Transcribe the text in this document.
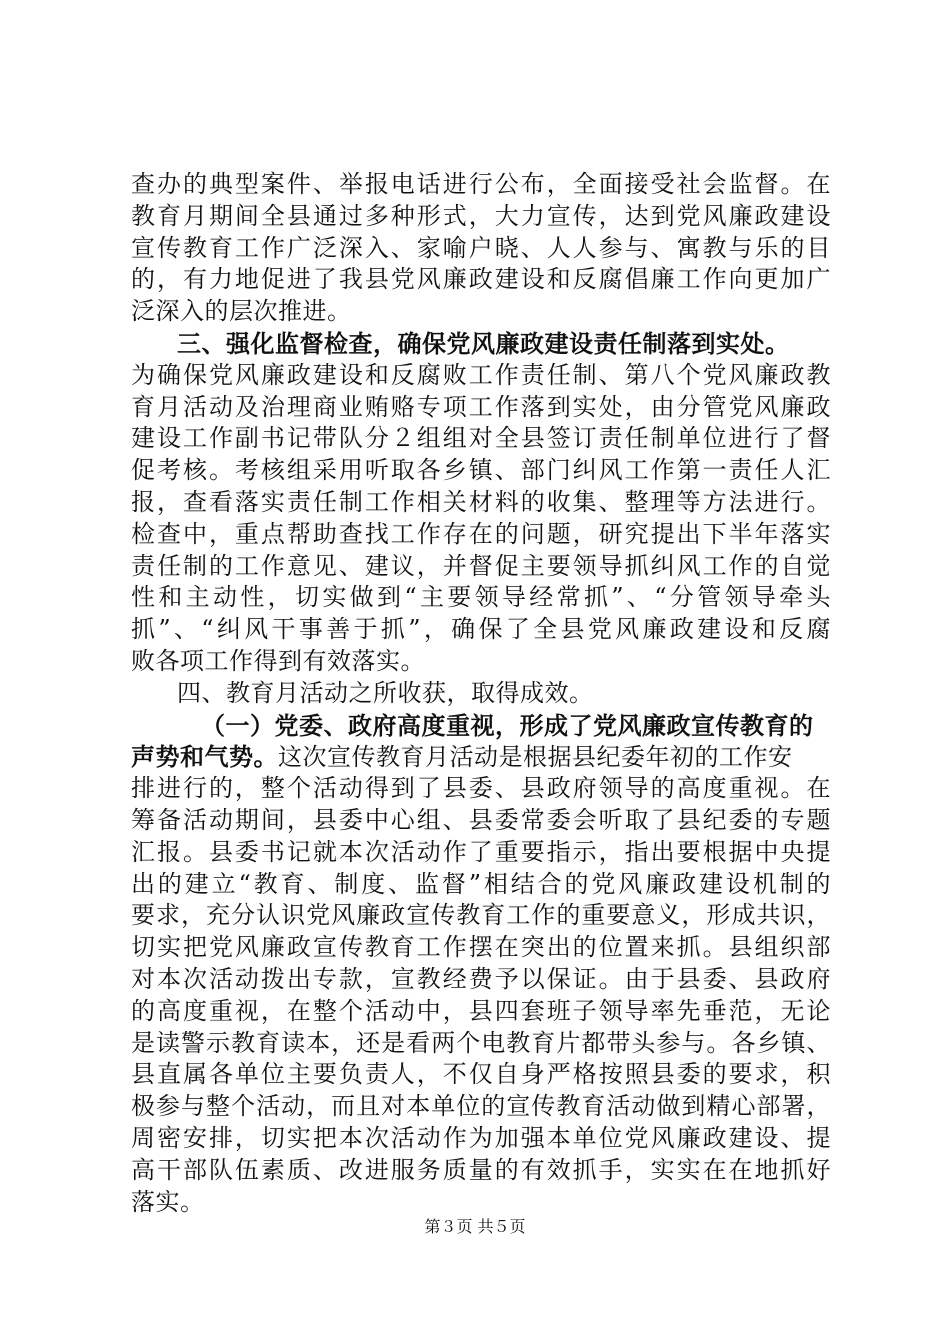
查办的典型案件、举报电话进行公布，全面接受社会监督。在
教育月期间全县通过多种形式，大力宣传，达到党风廉政建设
宣传教育工作广泛深入、家喻户晓、人人参与、寓教与乐的目
的，有力地促进了我县党风廉政建设和反腐倡廉工作向更加广
泛深入的层次推进。
三、强化监督检查，确保党风廉政建设责任制落到实处。
为确保党风廉政建设和反腐败工作责任制、第八个党风廉政教
育月活动及治理商业贿赂专项工作落到实处，由分管党风廉政
建设工作副书记带队分２组组对全县签订责任制单位进行了督
促考核。考核组采用听取各乡镇、部门纠风工作第一责任人汇
报，查看落实责任制工作相关材料的收集、整理等方法进行。
检查中，重点帮助查找工作存在的问题，研究提出下半年落实
责任制的工作意见、建议，并督促主要领导抓纠风工作的自觉
性和主动性，切实做到“主要领导经常抓”、“分管领导牵头
抓”、“纠风干事善于抓”，确保了全县党风廉政建设和反腐
败各项工作得到有效落实。
四、教育月活动之所收获，取得成效。
（一）党委、政府高度重视，形成了党风廉政宣传教育的
声势和气势。这次宣传教育月活动是根据县纪委年初的工作安
排进行的，整个活动得到了县委、县政府领导的高度重视。在
筹备活动期间，县委中心组、县委常委会听取了县纪委的专题
汇报。县委书记就本次活动作了重要指示，指出要根据中央提
出的建立“教育、制度、监督”相结合的党风廉政建设机制的
要求，充分认识党风廉政宣传教育工作的重要意义，形成共识，
切实把党风廉政宣传教育工作摆在突出的位置来抓。县组织部
对本次活动拨出专款，宣教经费予以保证。由于县委、县政府
的高度重视，在整个活动中，县四套班子领导率先垂范，无论
是读警示教育读本，还是看两个电教育片都带头参与。各乡镇、
县直属各单位主要负责人，不仅自身严格按照县委的要求，积
极参与整个活动，而且对本单位的宣传教育活动做到精心部署，
周密安排，切实把本次活动作为加强本单位党风廉政建设、提
高干部队伍素质、改进服务质量的有效抓手，实实在在地抓好
落实。
第３页 共５页
